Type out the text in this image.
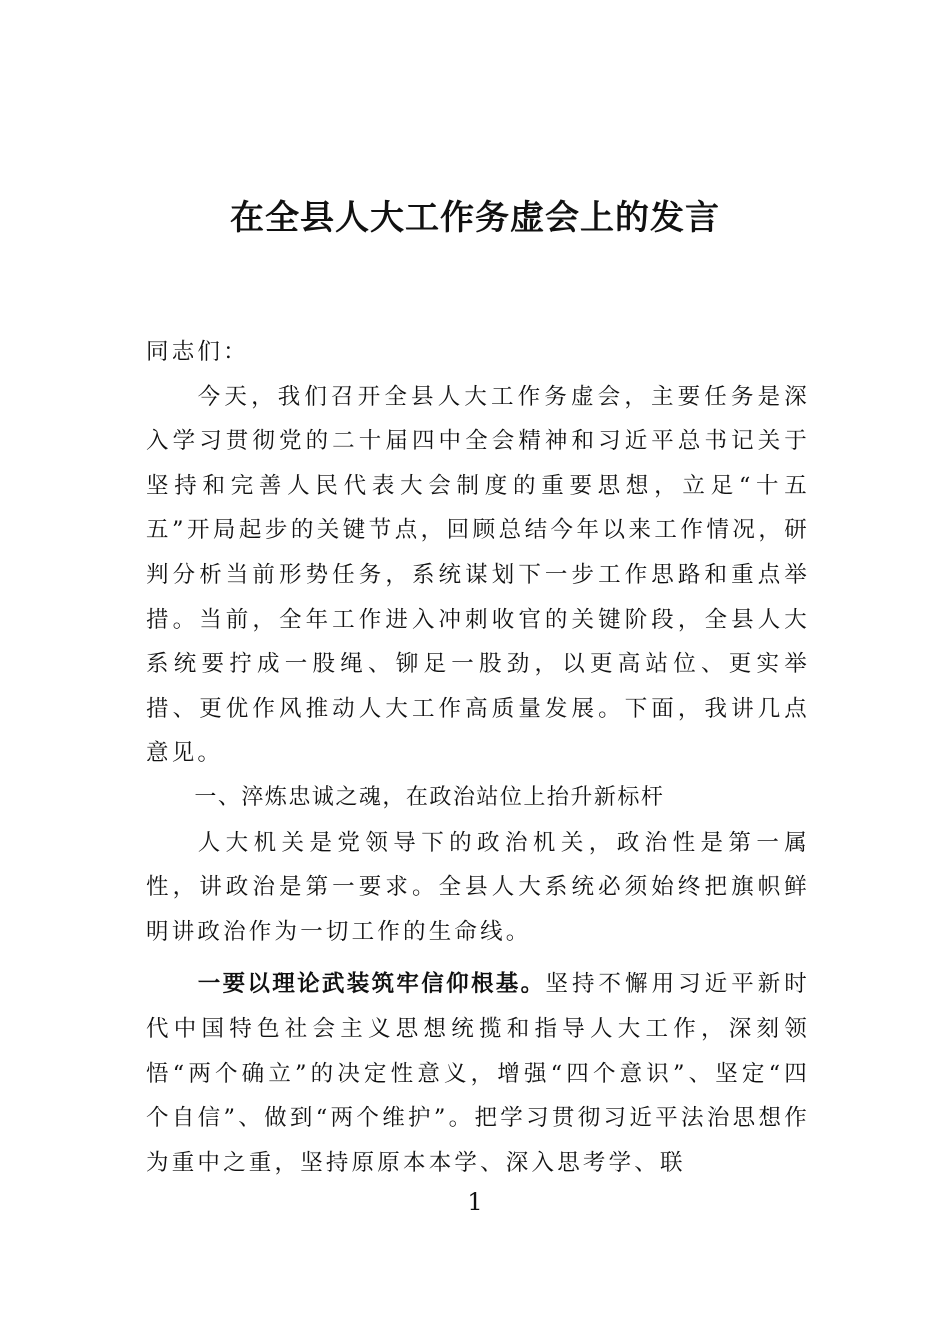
在全县人大工作务虚会上的发言

同志们：

今天，我们召开全县人大工作务虚会，主要任务是深入学习贯彻党的二十届四中全会精神和习近平总书记关于坚持和完善人民代表大会制度的重要思想，立足“十五五”开局起步的关键节点，回顾总结今年以来工作情况，研判分析当前形势任务，系统谋划下一步工作思路和重点举措。当前，全年工作进入冲刺收官的关键阶段，全县人大系统要拧成一股绳、铆足一股劲，以更高站位、更实举措、更优作风推动人大工作高质量发展。下面，我讲几点意见。

一、淬炼忠诚之魂，在政治站位上抬升新标杆

人大机关是党领导下的政治机关，政治性是第一属性，讲政治是第一要求。全县人大系统必须始终把旗帜鲜明讲政治作为一切工作的生命线。

一要以理论武装筑牢信仰根基。坚持不懈用习近平新时代中国特色社会主义思想统揽和指导人大工作，深刻领悟“两个确立”的决定性意义，增强“四个意识”、坚定“四个自信”、做到“两个维护”。把学习贯彻习近平法治思想作为重中之重，坚持原原本本学、深入思考学、联

1
